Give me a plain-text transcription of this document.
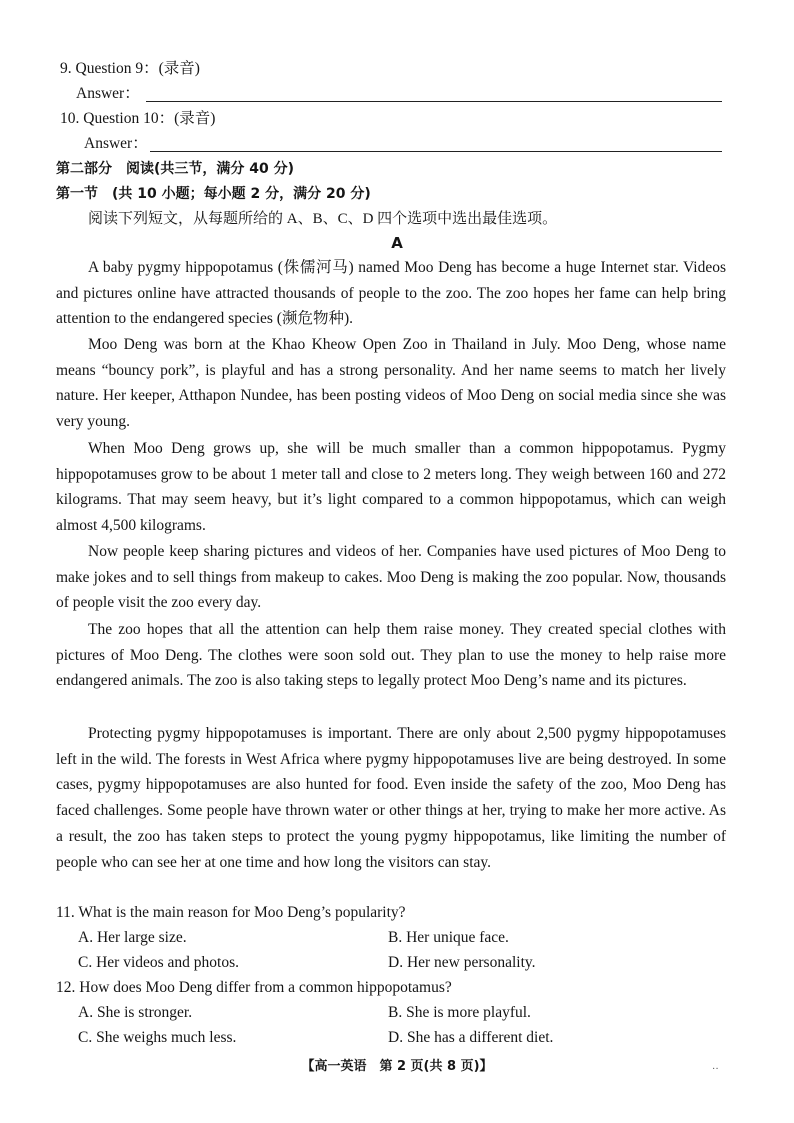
9. Question 9：(录音)
Answer：
10. Question 10：(录音)
Answer：
第二部分　阅读(共三节，满分 40 分)
第一节　(共 10 小题；每小题 2 分，满分 20 分)
阅读下列短文，从每题所给的 A、B、C、D 四个选项中选出最佳选项。
A

A baby pygmy hippopotamus (侏儒河马) named Moo Deng has become a huge Internet star. Videos and pictures online have attracted thousands of people to the zoo. The zoo hopes her fame can help bring attention to the endangered species (濒危物种).

Moo Deng was born at the Khao Kheow Open Zoo in Thailand in July. Moo Deng, whose name means “bouncy pork”, is playful and has a strong personality. And her name seems to match her lively nature. Her keeper, Atthapon Nundee, has been posting videos of Moo Deng on social media since she was very young.

When Moo Deng grows up, she will be much smaller than a common hippopotamus. Pygmy hippopotamuses grow to be about 1 meter tall and close to 2 meters long. They weigh between 160 and 272 kilograms. That may seem heavy, but it’s light compared to a common hippopotamus, which can weigh almost 4,500 kilograms.

Now people keep sharing pictures and videos of her. Companies have used pictures of Moo Deng to make jokes and to sell things from makeup to cakes. Moo Deng is making the zoo popular. Now, thousands of people visit the zoo every day.

The zoo hopes that all the attention can help them raise money. They created special clothes with pictures of Moo Deng. The clothes were soon sold out. They plan to use the money to help raise more endangered animals. The zoo is also taking steps to legally protect Moo Deng’s name and its pictures.

Protecting pygmy hippopotamuses is important. There are only about 2,500 pygmy hippopotamuses left in the wild. The forests in West Africa where pygmy hippopotamuses live are being destroyed. In some cases, pygmy hippopotamuses are also hunted for food. Even inside the safety of the zoo, Moo Deng has faced challenges. Some people have thrown water or other things at her, trying to make her more active. As a result, the zoo has taken steps to protect the young pygmy hippopotamus, like limiting the number of people who can see her at one time and how long the visitors can stay.

11. What is the main reason for Moo Deng’s popularity?
A. Her large size.	B. Her unique face.
C. Her videos and photos.	D. Her new personality.
12. How does Moo Deng differ from a common hippopotamus?
A. She is stronger.	B. She is more playful.
C. She weighs much less.	D. She has a different diet.
【高一英语　第 2 页(共 8 页)】	··
